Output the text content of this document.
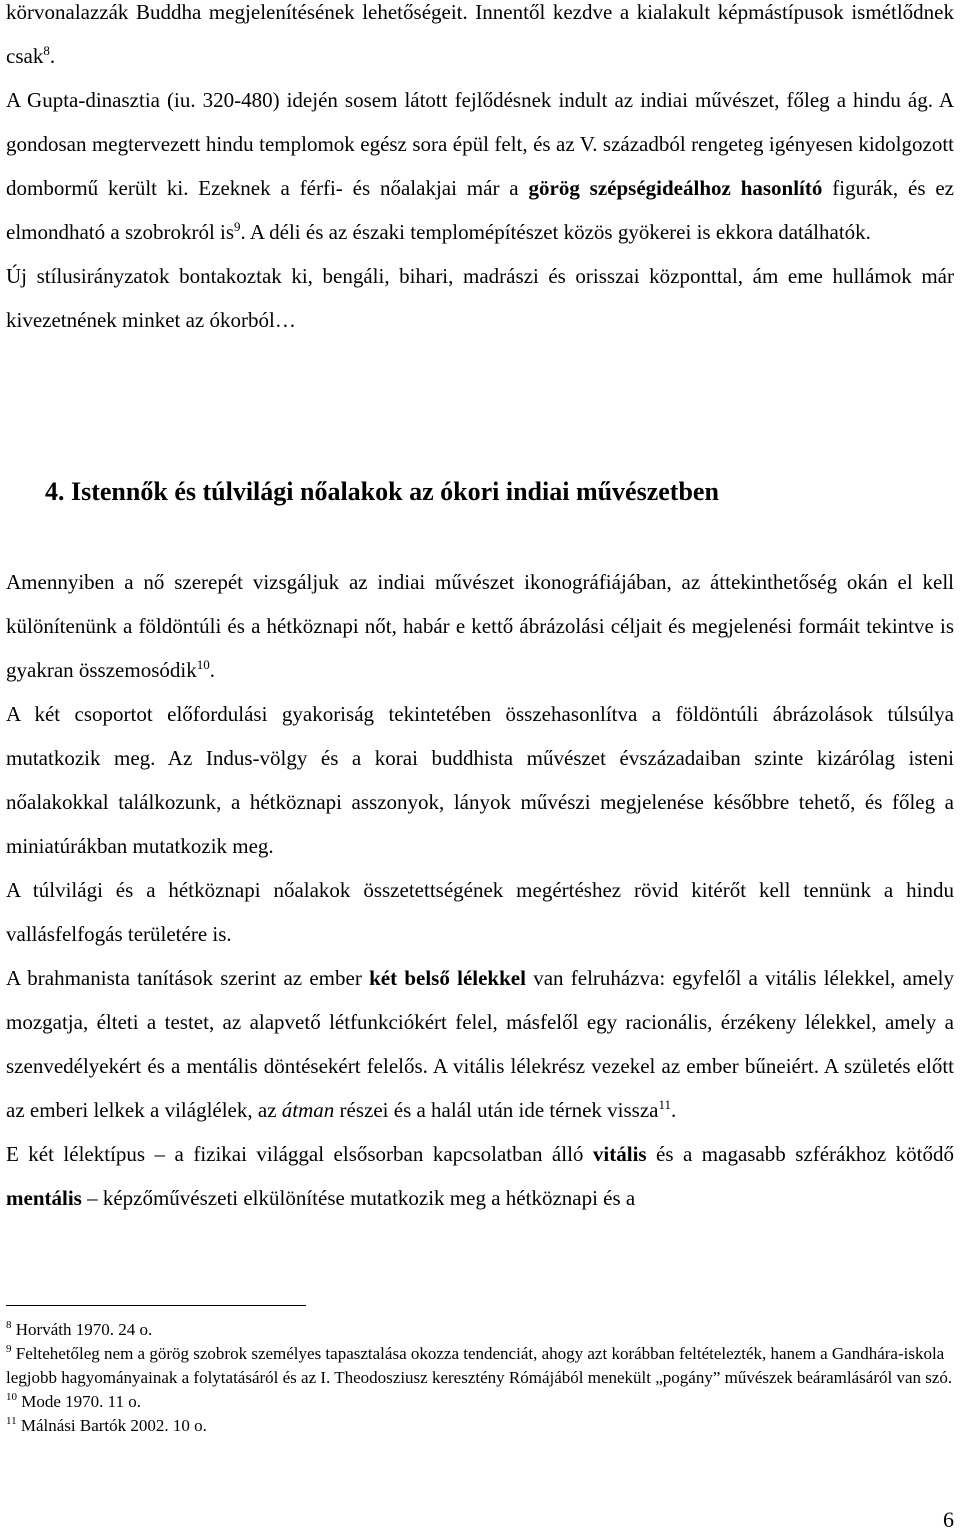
körvonalazzák Buddha megjelenítésének lehetőségeit. Innentől kezdve a kialakult képmástípusok ismétlődnek csak$^8$.

A Gupta-dinasztia (iu. 320-480) idején sosem látott fejlődésnek indult az indiai művészet, főleg a hindu ág. A gondosan megtervezett hindu templomok egész sora épül felt, és az V. századból rengeteg igényesen kidolgozott dombormű került ki. Ezeknek a férfi- és nőalakjai már a görög szépségideálhoz hasonlító figurák, és ez elmondható a szobrokról $is^9$. A déli és az északi templomépítészet közös gyökerei is ekkora datálhatók.

Új stílusirányzatok bontakoztak ki, bengáli, bihari, madrászi és orisszai központtal, ám eme hullámok már kivezetnének minket az ókorból…

4. Istennők és túlvilági nőalakok az ókori indiai művészetben

Amennyiben a nő szerepét vizsgáljuk az indiai művészet ikonográfiájában, az áttekinthetőség okán el kell különítenünk a földöntúli és a hétköznapi nőt, habár e kettő ábrázolási céljait és megjelenési formáit tekintve is gyakran összemosódik$^{10}$.

A két csoportot előfordulási gyakoriság tekintetében összehasonlítva a földöntúli ábrázolások túlsúlya mutatkozik meg. Az Indus-völgy és a korai buddhista művészet évszázadaiban szinte kizárólag isteni nőalakokkal találkozunk, a hétköznapi asszonyok, lányok művészi megjelenése későbbre tehető, és főleg a miniatúrákban mutatkozik meg.

A túlvilági és a hétköznapi nőalakok összetettségének megértéshez rövid kitérőt kell tennünk a hindu vallásfelfogás területére is.

A brahmanista tanítások szerint az ember két belső lélekkel van felruházva: egyfelől a vitális lélekkel, amely mozgatja, élteti a testet, az alapvető létfunkciókért felel, másfelől egy racionális, érzékeny lélekkel, amely a szenvedélyekért és a mentális döntésekért felelős. A vitális lélekrész vezekel az ember bűneiért. A születés előtt az emberi lelkek a világlélek, az átman részei és a halál után ide térnek vissza$^{11}$.

E két lélektípus – a fizikai világgal elsősorban kapcsolatban álló vitális és a magasabb szférákhoz kötődő mentális – képzőművészeti elkülönítése mutatkozik meg a hétköznapi és a

$^8$ Horváth 1970. 24 o.

$^9$ Feltehetőleg nem a görög szobrok személyes tapasztalása okozza tendenciát, ahogy azt korábban feltételezték, hanem a Gandhára-iskola legjobb hagyományainak a folytatásáról és az I. Theodosziusz keresztény Rómájából menekült „pogány” művészek beáramlásáról van szó.

$^{10}$ Mode 1970. 11 o.

$^{11}$ Málnási Bartók 2002. 10 o.

6
